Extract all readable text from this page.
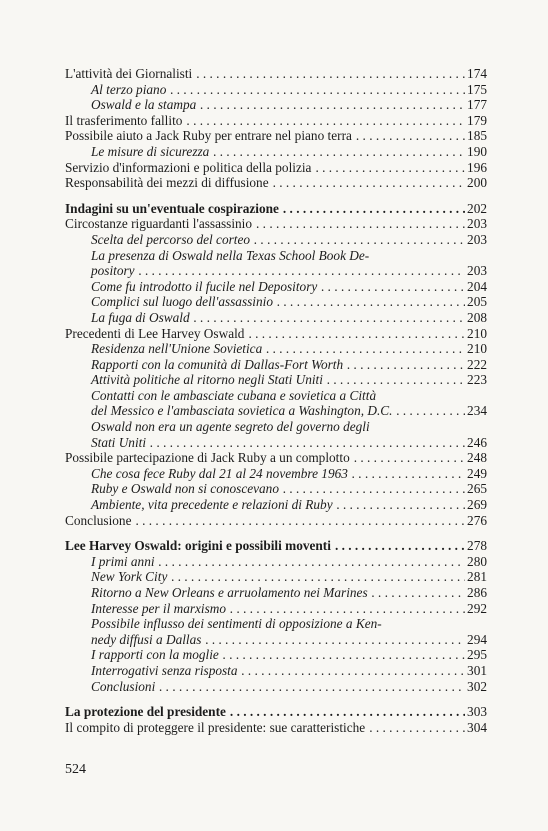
L'attività dei Giornalisti . . .	174
Al terzo piano . . .	175
Oswald e la stampa . . .	177
Il trasferimento fallito . . .	179
Possibile aiuto a Jack Ruby per entrare nel piano terra . . .	185
Le misure di sicurezza . . .	190
Servizio d'informazioni e politica della polizia . . .	196
Responsabilità dei mezzi di diffusione . . .	200
Indagini su un'eventuale cospirazione . . .	202
Circostanze riguardanti l'assassinio . . .	203
Scelta del percorso del corteo . . .	203
La presenza di Oswald nella Texas School Book De-
pository . . .	203
Come fu introdotto il fucile nel Depository . . .	204
Complici sul luogo dell'assassinio . . .	205
La fuga di Oswald . . .	208
Precedenti di Lee Harvey Oswald . . .	210
Residenza nell'Unione Sovietica . . .	210
Rapporti con la comunità di Dallas-Fort Worth . . .	222
Attività politiche al ritorno negli Stati Uniti . . .	223
Contatti con le ambasciate cubana e sovietica a Città
del Messico e l'ambasciata sovietica a Washington, D.C. . . .	234
Oswald non era un agente segreto del governo degli
Stati Uniti . . .	246
Possibile partecipazione di Jack Ruby a un complotto . . .	248
Che cosa fece Ruby dal 21 al 24 novembre 1963 . . .	249
Ruby e Oswald non si conoscevano . . .	265
Ambiente, vita precedente e relazioni di Ruby . . .	269
Conclusione . . .	276
Lee Harvey Oswald: origini e possibili moventi . . .	278
I primi anni . . .	280
New York City . . .	281
Ritorno a New Orleans e arruolamento nei Marines . . .	286
Interesse per il marxismo . . .	292
Possibile influsso dei sentimenti di opposizione a Ken-
nedy diffusi a Dallas . . .	294
I rapporti con la moglie . . .	295
Interrogativi senza risposta . . .	301
Conclusioni . . .	302
La protezione del presidente . . .	303
Il compito di proteggere il presidente: sue caratteristiche . . .	304
524
